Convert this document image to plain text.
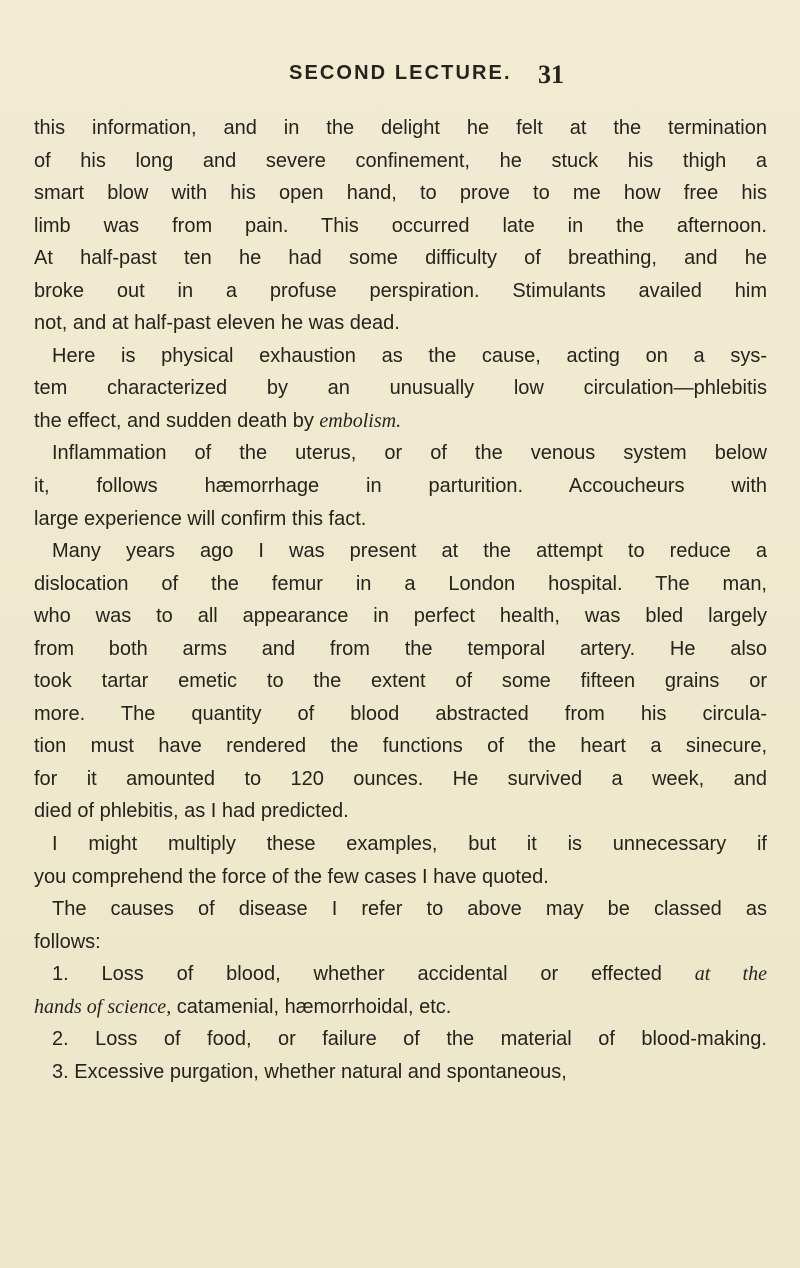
SECOND LECTURE. 31
this information, and in the delight he felt at the termination
of his long and severe confinement, he stuck his thigh a
smart blow with his open hand, to prove to me how free his
limb was from pain. This occurred late in the afternoon.
At half-past ten he had some difficulty of breathing, and he
broke out in a profuse perspiration. Stimulants availed him
not, and at half-past eleven he was dead.
Here is physical exhaustion as the cause, acting on a sys-
tem characterized by an unusually low circulation—phlebitis
the effect, and sudden death by embolism.
Inflammation of the uterus, or of the venous system below
it, follows hæmorrhage in parturition. Accoucheurs with
large experience will confirm this fact.
Many years ago I was present at the attempt to reduce a
dislocation of the femur in a London hospital. The man,
who was to all appearance in perfect health, was bled largely
from both arms and from the temporal artery. He also
took tartar emetic to the extent of some fifteen grains or
more. The quantity of blood abstracted from his circula-
tion must have rendered the functions of the heart a sinecure,
for it amounted to 120 ounces. He survived a week, and
died of phlebitis, as I had predicted.
I might multiply these examples, but it is unnecessary if
you comprehend the force of the few cases I have quoted.
The causes of disease I refer to above may be classed as
follows:
1. Loss of blood, whether accidental or effected at the
hands of science, catamenial, hæmorrhoidal, etc.
2. Loss of food, or failure of the material of blood-making.
3. Excessive purgation, whether natural and spontaneous,
